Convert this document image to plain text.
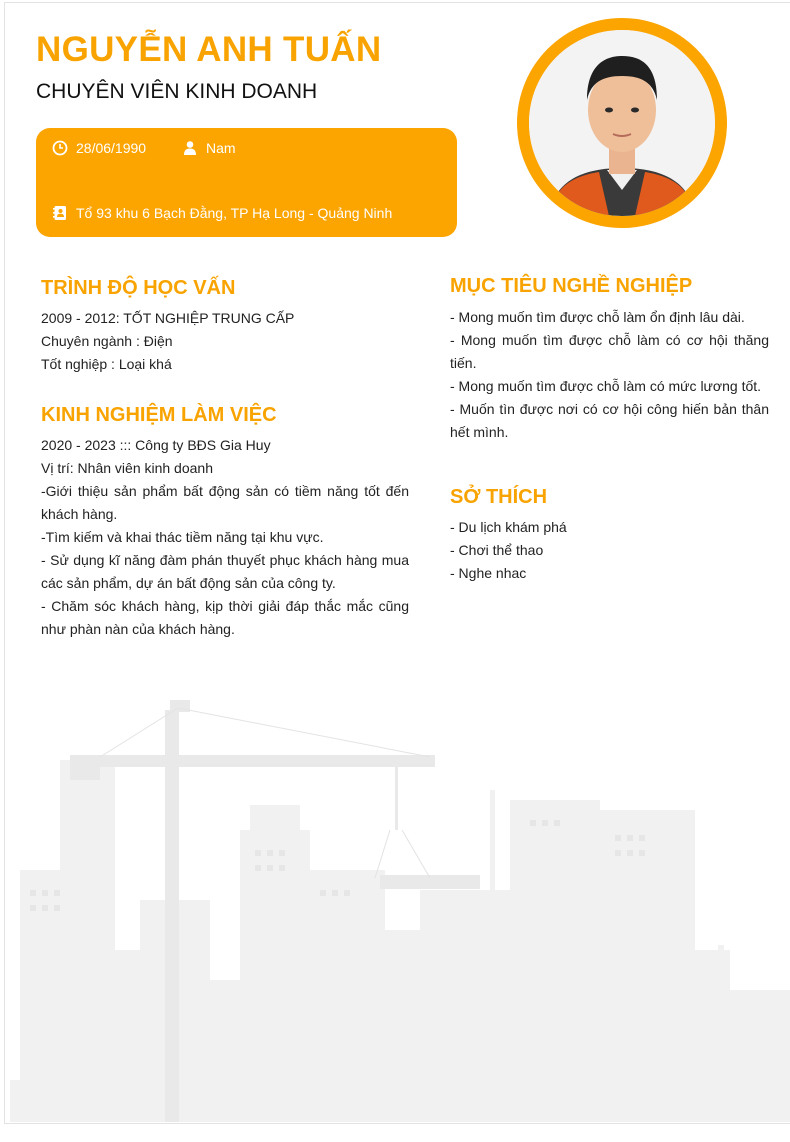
NGUYỄN ANH TUẤN
CHUYÊN VIÊN KINH DOANH
28/06/1990	Nam
Tổ 93 khu 6 Bạch Đằng, TP Hạ Long - Quảng Ninh
TRÌNH ĐỘ HỌC VẤN

2009 - 2012: TỐT NGHIỆP TRUNG CẤP

Chuyên ngành : Điện

Tốt nghiệp : Loại khá

KINH NGHIỆM LÀM VIỆC

2020 - 2023 ::: Công ty BĐS Gia Huy

Vị trí: Nhân viên kinh doanh

-Giới thiệu sản phẩm bất động sản có tiềm năng tốt đến khách hàng.

-Tìm kiếm và khai thác tiềm năng tại khu vực.

- Sử dụng kĩ năng đàm phán thuyết phục khách hàng mua các sản phẩm, dự án bất động sản của công ty.

- Chăm sóc khách hàng, kịp thời giải đáp thắc mắc cũng như phàn nàn của khách hàng.

MỤC TIÊU NGHỀ NGHIỆP

- Mong muốn tìm được chỗ làm ổn định lâu dài.

- Mong muốn tìm được chỗ làm có cơ hội thăng tiến.

- Mong muốn tìm được chỗ làm có mức lương tốt.

- Muốn tìn được nơi có cơ hội công hiến bản thân hết mình.

SỞ THÍCH

- Du lịch khám phá

- Chơi thể thao

- Nghe nhac
